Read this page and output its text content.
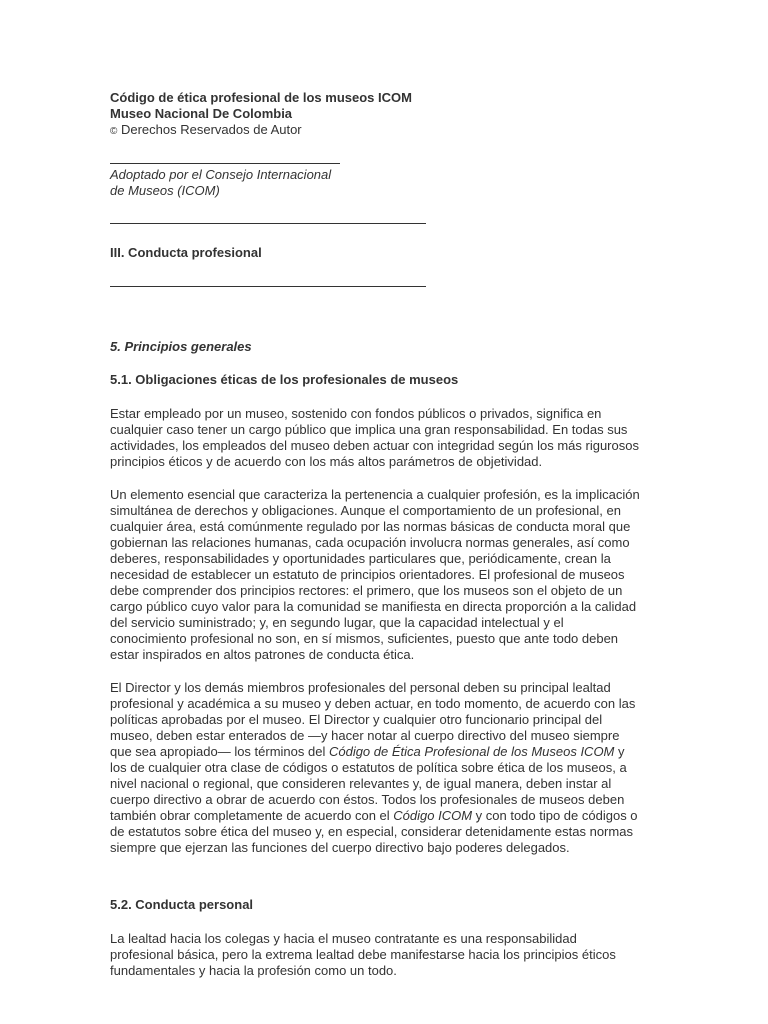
Código de ética profesional de los museos ICOM
Museo Nacional De Colombia
© Derechos Reservados de Autor
Adoptado por el Consejo Internacional
de Museos (ICOM)
III. Conducta profesional
5. Principios generales
5.1. Obligaciones éticas de los profesionales de museos

Estar empleado por un museo, sostenido con fondos públicos o privados, significa en cualquier caso tener un cargo público que implica una gran responsabilidad. En todas sus actividades, los empleados del museo deben actuar con integridad según los más rigurosos principios éticos y de acuerdo con los más altos parámetros de objetividad.

Un elemento esencial que caracteriza la pertenencia a cualquier profesión, es la implicación simultánea de derechos y obligaciones. Aunque el comportamiento de un profesional, en cualquier área, está comúnmente regulado por las normas básicas de conducta moral que gobiernan las relaciones humanas, cada ocupación involucra normas generales, así como deberes, responsabilidades y oportunidades particulares que, periódicamente, crean la necesidad de establecer un estatuto de principios orientadores. El profesional de museos debe comprender dos principios rectores: el primero, que los museos son el objeto de un cargo público cuyo valor para la comunidad se manifiesta en directa proporción a la calidad del servicio suministrado; y, en segundo lugar, que la capacidad intelectual y el conocimiento profesional no son, en sí mismos, suficientes, puesto que ante todo deben estar inspirados en altos patrones de conducta ética.

El Director y los demás miembros profesionales del personal deben su principal lealtad profesional y académica a su museo y deben actuar, en todo momento, de acuerdo con las políticas aprobadas por el museo. El Director y cualquier otro funcionario principal del museo, deben estar enterados de —y hacer notar al cuerpo directivo del museo siempre que sea apropiado— los términos del Código de Ética Profesional de los Museos ICOM y los de cualquier otra clase de códigos o estatutos de política sobre ética de los museos, a nivel nacional o regional, que consideren relevantes y, de igual manera, deben instar al cuerpo directivo a obrar de acuerdo con éstos. Todos los profesionales de museos deben también obrar completamente de acuerdo con el Código ICOM y con todo tipo de códigos o de estatutos sobre ética del museo y, en especial, considerar detenidamente estas normas siempre que ejerzan las funciones del cuerpo directivo bajo poderes delegados.

5.2. Conducta personal

La lealtad hacia los colegas y hacia el museo contratante es una responsabilidad profesional básica, pero la extrema lealtad debe manifestarse hacia los principios éticos fundamentales y hacia la profesión como un todo.
